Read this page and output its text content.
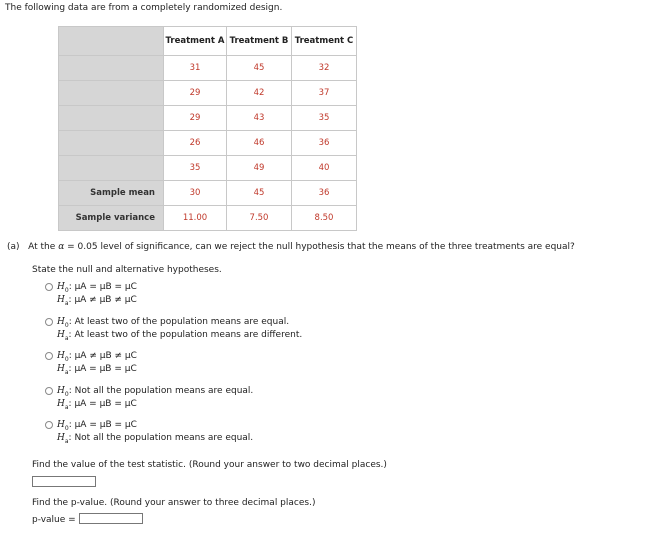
The following data are from a completely randomized design.
	Treatment A	Treatment B	Treatment C
	31	45	32
	29	42	37
	29	43	35
	26	46	36
	35	49	40
Sample mean	30	45	36
Sample variance	11.00	7.50	8.50
(a) At the α = 0.05 level of significance, can we reject the null hypothesis that the means of the three treatments are equal?
State the null and alternative hypotheses.
$H_0$: μA = μB = μC
$H_a$: μA ≠ μB ≠ μC
$H_0$: At least two of the population means are equal.
$H_a$: At least two of the population means are different.
$H_0$: μA ≠ μB ≠ μC
$H_a$: μA = μB = μC
$H_0$: Not all the population means are equal.
$H_a$: μA = μB = μC
$H_0$: μA = μB = μC
$H_a$: Not all the population means are equal.
Find the value of the test statistic. (Round your answer to two decimal places.)
Find the p-value. (Round your answer to three decimal places.)
p-value =
